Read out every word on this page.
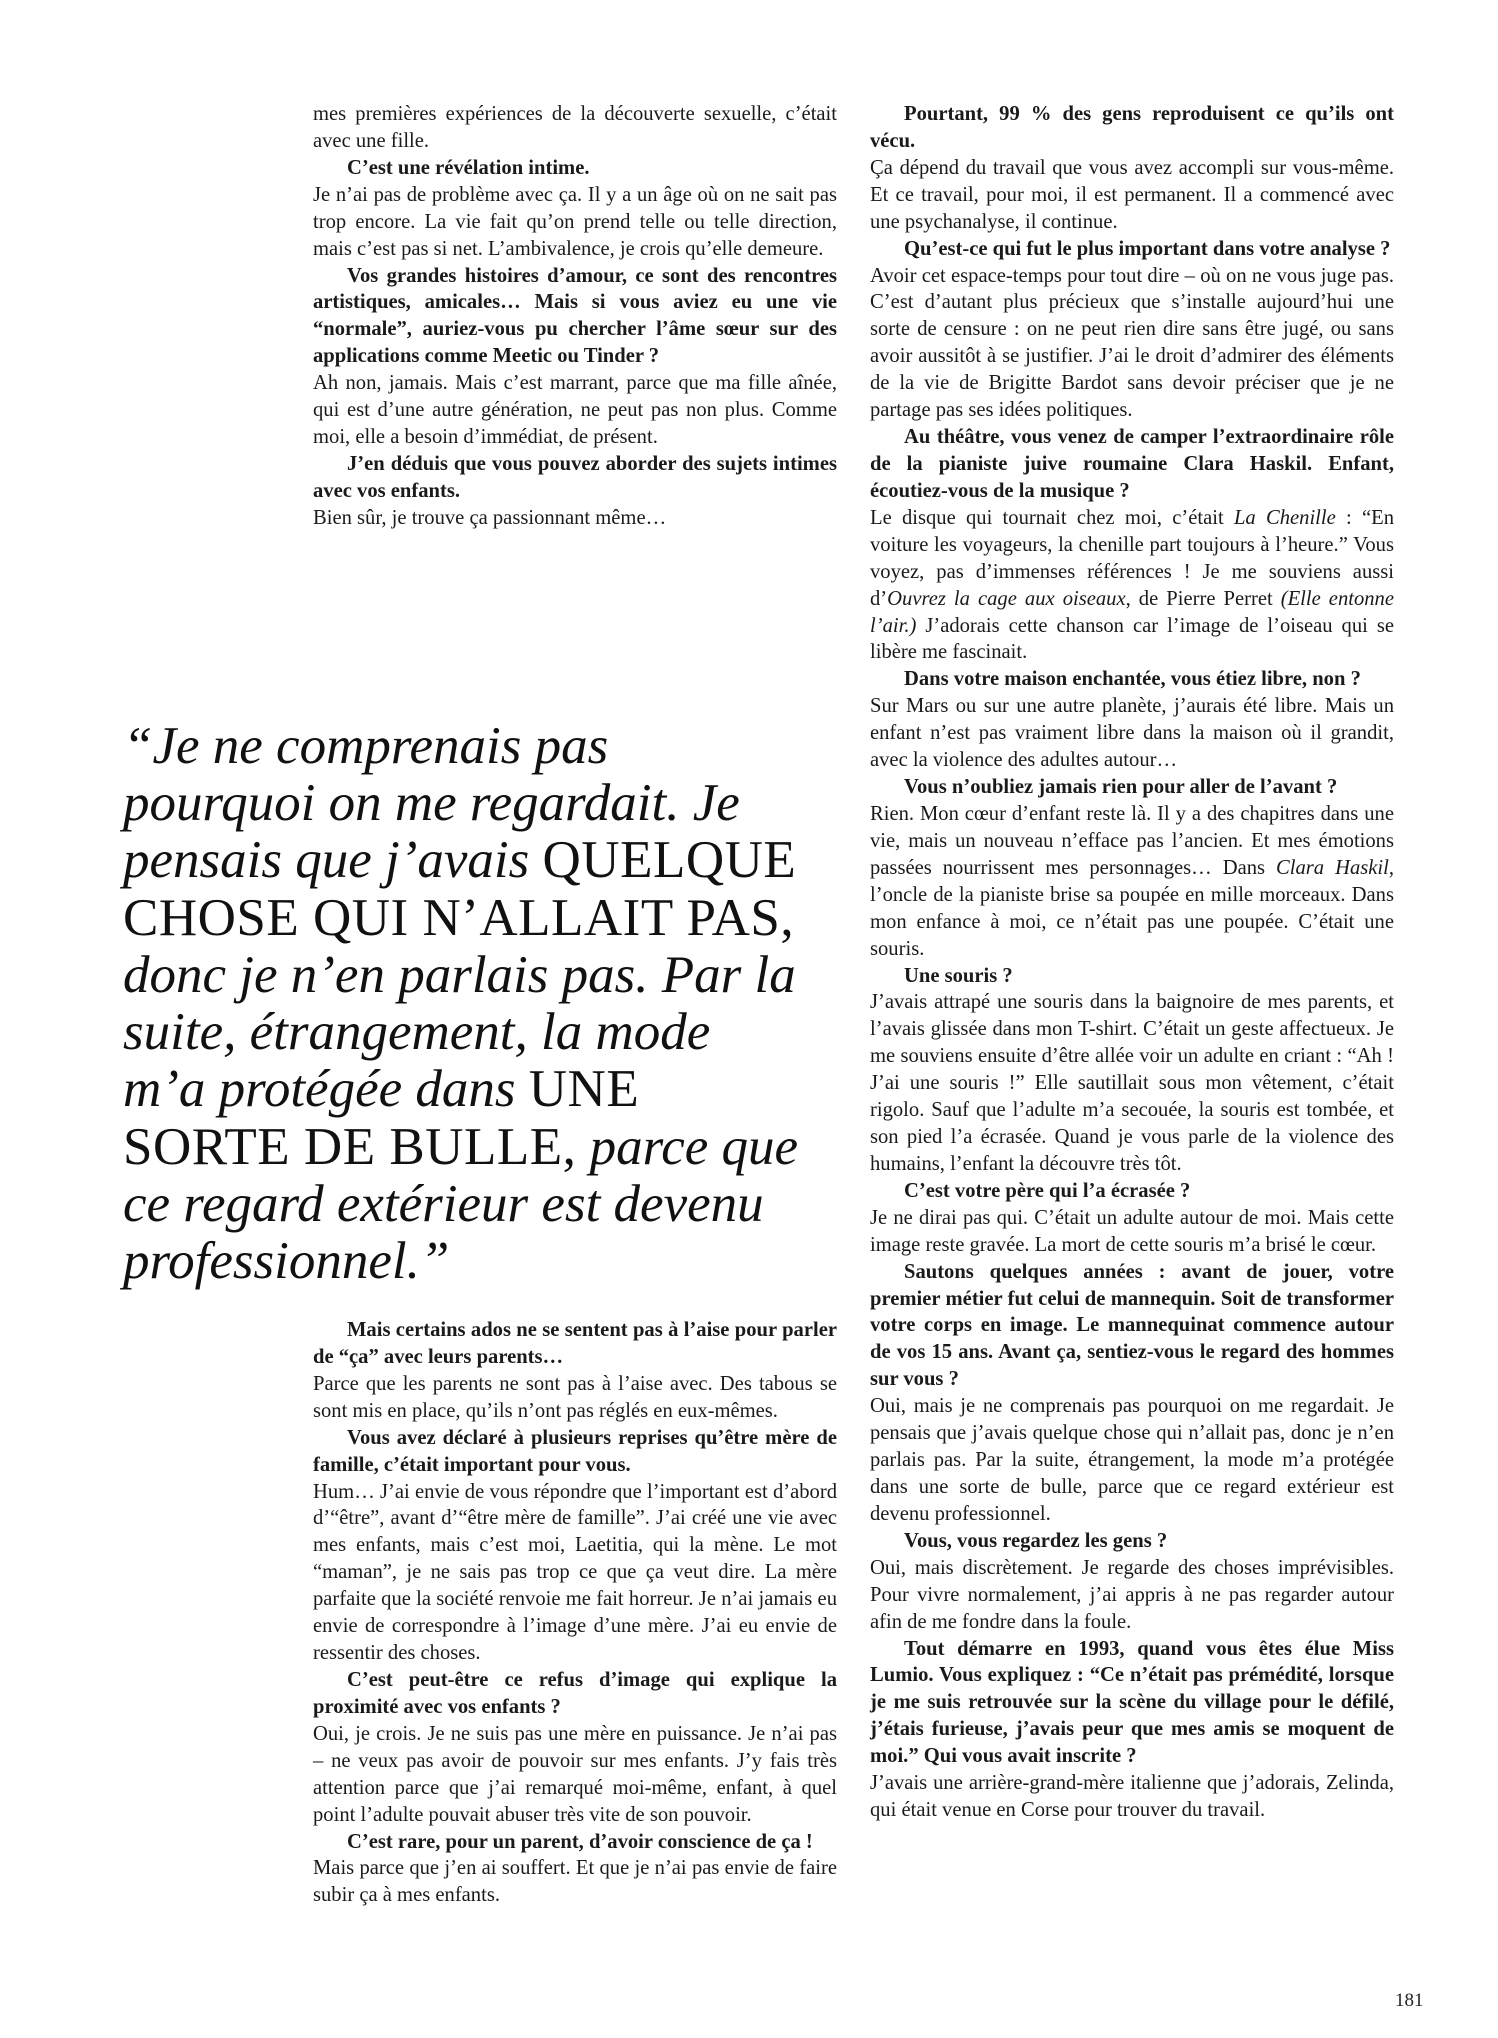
mes premières expériences de la découverte sexuelle, c’était avec une fille.

C’est une révélation intime.

Je n’ai pas de problème avec ça. Il y a un âge où on ne sait pas trop encore. La vie fait qu’on prend telle ou telle direction, mais c’est pas si net. L’ambivalence, je crois qu’elle demeure.

Vos grandes histoires d’amour, ce sont des rencontres artistiques, amicales… Mais si vous aviez eu une vie “normale”, auriez-vous pu chercher l’âme sœur sur des applications comme Meetic ou Tinder ?

Ah non, jamais. Mais c’est marrant, parce que ma fille aînée, qui est d’une autre génération, ne peut pas non plus. Comme moi, elle a besoin d’immédiat, de présent.

J’en déduis que vous pouvez aborder des sujets intimes avec vos enfants.

Bien sûr, je trouve ça passionnant même…

“Je ne comprenais pas pourquoi on me regardait. Je pensais que j’avais QUELQUE CHOSE QUI N’ALLAIT PAS, donc je n’en parlais pas. Par la suite, étrangement, la mode m’a protégée dans UNE SORTE DE BULLE, parce que ce regard extérieur est devenu professionnel.”

Mais certains ados ne se sentent pas à l’aise pour parler de “ça” avec leurs parents…

Parce que les parents ne sont pas à l’aise avec. Des tabous se sont mis en place, qu’ils n’ont pas réglés en eux-mêmes.

Vous avez déclaré à plusieurs reprises qu’être mère de famille, c’était important pour vous.

Hum… J’ai envie de vous répondre que l’important est d’abord d’“être”, avant d’“être mère de famille”. J’ai créé une vie avec mes enfants, mais c’est moi, Laetitia, qui la mène. Le mot “maman”, je ne sais pas trop ce que ça veut dire. La mère parfaite que la société renvoie me fait horreur. Je n’ai jamais eu envie de correspondre à l’image d’une mère. J’ai eu envie de ressentir des choses.

C’est peut-être ce refus d’image qui explique la proximité avec vos enfants ?

Oui, je crois. Je ne suis pas une mère en puissance. Je n’ai pas – ne veux pas avoir de pouvoir sur mes enfants. J’y fais très attention parce que j’ai remarqué moi-même, enfant, à quel point l’adulte pouvait abuser très vite de son pouvoir.

C’est rare, pour un parent, d’avoir conscience de ça !

Mais parce que j’en ai souffert. Et que je n’ai pas envie de faire subir ça à mes enfants.

Pourtant, 99 % des gens reproduisent ce qu’ils ont vécu.

Ça dépend du travail que vous avez accompli sur vous-même. Et ce travail, pour moi, il est permanent. Il a commencé avec une psychanalyse, il continue.

Qu’est-ce qui fut le plus important dans votre analyse ?

Avoir cet espace-temps pour tout dire – où on ne vous juge pas. C’est d’autant plus précieux que s’installe aujourd’hui une sorte de censure : on ne peut rien dire sans être jugé, ou sans avoir aussitôt à se justifier. J’ai le droit d’admirer des éléments de la vie de Brigitte Bardot sans devoir préciser que je ne partage pas ses idées politiques.

Au théâtre, vous venez de camper l’extraordinaire rôle de la pianiste juive roumaine Clara Haskil. Enfant, écoutiez-vous de la musique ?

Le disque qui tournait chez moi, c’était La Chenille : “En voiture les voyageurs, la chenille part toujours à l’heure.” Vous voyez, pas d’immenses références ! Je me souviens aussi d’Ouvrez la cage aux oiseaux, de Pierre Perret (Elle entonne l’air.) J’adorais cette chanson car l’image de l’oiseau qui se libère me fascinait.

Dans votre maison enchantée, vous étiez libre, non ?

Sur Mars ou sur une autre planète, j’aurais été libre. Mais un enfant n’est pas vraiment libre dans la maison où il grandit, avec la violence des adultes autour…

Vous n’oubliez jamais rien pour aller de l’avant ?

Rien. Mon cœur d’enfant reste là. Il y a des chapitres dans une vie, mais un nouveau n’efface pas l’ancien. Et mes émotions passées nourrissent mes personnages… Dans Clara Haskil, l’oncle de la pianiste brise sa poupée en mille morceaux. Dans mon enfance à moi, ce n’était pas une poupée. C’était une souris.

Une souris ?

J’avais attrapé une souris dans la baignoire de mes parents, et l’avais glissée dans mon T-shirt. C’était un geste affectueux. Je me souviens ensuite d’être allée voir un adulte en criant : “Ah ! J’ai une souris !” Elle sautillait sous mon vêtement, c’était rigolo. Sauf que l’adulte m’a secouée, la souris est tombée, et son pied l’a écrasée. Quand je vous parle de la violence des humains, l’enfant la découvre très tôt.

C’est votre père qui l’a écrasée ?

Je ne dirai pas qui. C’était un adulte autour de moi. Mais cette image reste gravée. La mort de cette souris m’a brisé le cœur.

Sautons quelques années : avant de jouer, votre premier métier fut celui de mannequin. Soit de transformer votre corps en image. Le mannequinat commence autour de vos 15 ans. Avant ça, sentiez-vous le regard des hommes sur vous ?

Oui, mais je ne comprenais pas pourquoi on me regardait. Je pensais que j’avais quelque chose qui n’allait pas, donc je n’en parlais pas. Par la suite, étrangement, la mode m’a protégée dans une sorte de bulle, parce que ce regard extérieur est devenu professionnel.

Vous, vous regardez les gens ?

Oui, mais discrètement. Je regarde des choses imprévisibles. Pour vivre normalement, j’ai appris à ne pas regarder autour afin de me fondre dans la foule.

Tout démarre en 1993, quand vous êtes élue Miss Lumio. Vous expliquez : “Ce n’était pas prémédité, lorsque je me suis retrouvée sur la scène du village pour le défilé, j’étais furieuse, j’avais peur que mes amis se moquent de moi.” Qui vous avait inscrite ?

J’avais une arrière-grand-mère italienne que j’adorais, Zelinda, qui était venue en Corse pour trouver du travail.

181
